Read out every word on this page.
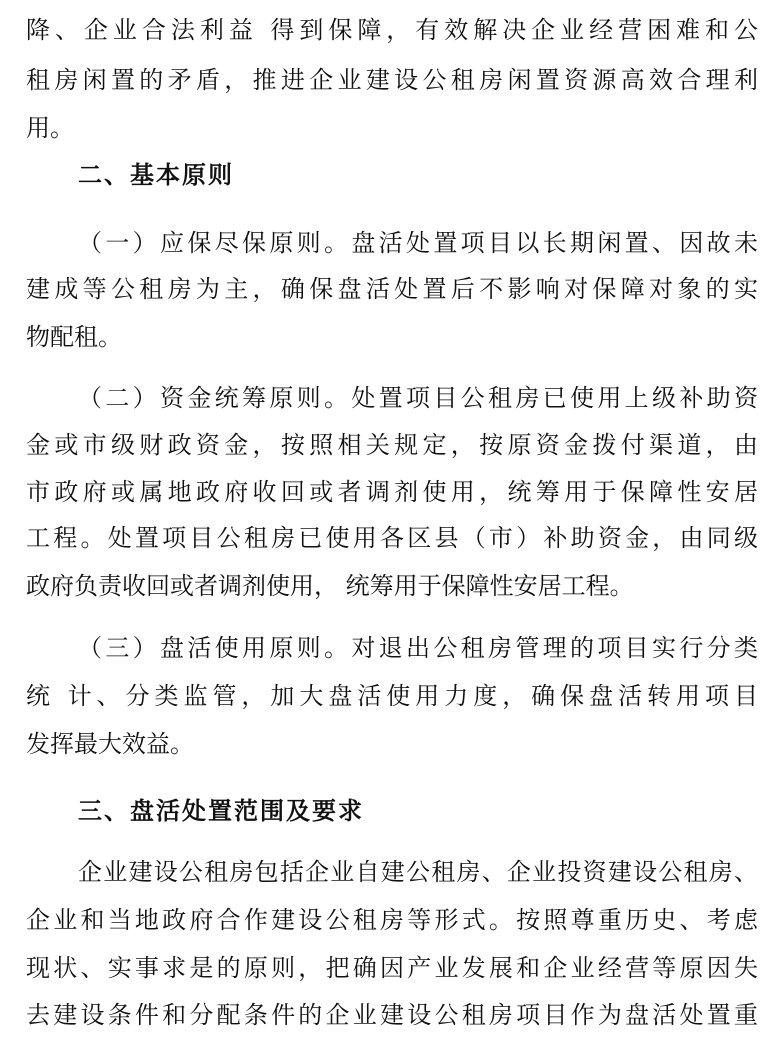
降、企业合法利益 得到保障，有效解决企业经营困难和公
租房闲置的矛盾，推进企业建设公租房闲置资源高效合理利
用。
二、基本原则
（一）应保尽保原则。盘活处置项目以长期闲置、因故未
建成等公租房为主，确保盘活处置后不影响对保障对象的实
物配租。
（二）资金统筹原则。处置项目公租房已使用上级补助资
金或市级财政资金，按照相关规定，按原资金拨付渠道，由
市政府或属地政府收回或者调剂使用，统筹用于保障性安居
工程。处置项目公租房已使用各区县（市）补助资金，由同级
政府负责收回或者调剂使用， 统筹用于保障性安居工程。
（三）盘活使用原则。对退出公租房管理的项目实行分类
统 计、分类监管，加大盘活使用力度，确保盘活转用项目
发挥最大效益。
三、盘活处置范围及要求
企业建设公租房包括企业自建公租房、企业投资建设公租房、
企业和当地政府合作建设公租房等形式。按照尊重历史、考虑
现状、实事求是的原则，把确因产业发展和企业经营等原因失
去建设条件和分配条件的企业建设公租房项目作为盘活处置重
